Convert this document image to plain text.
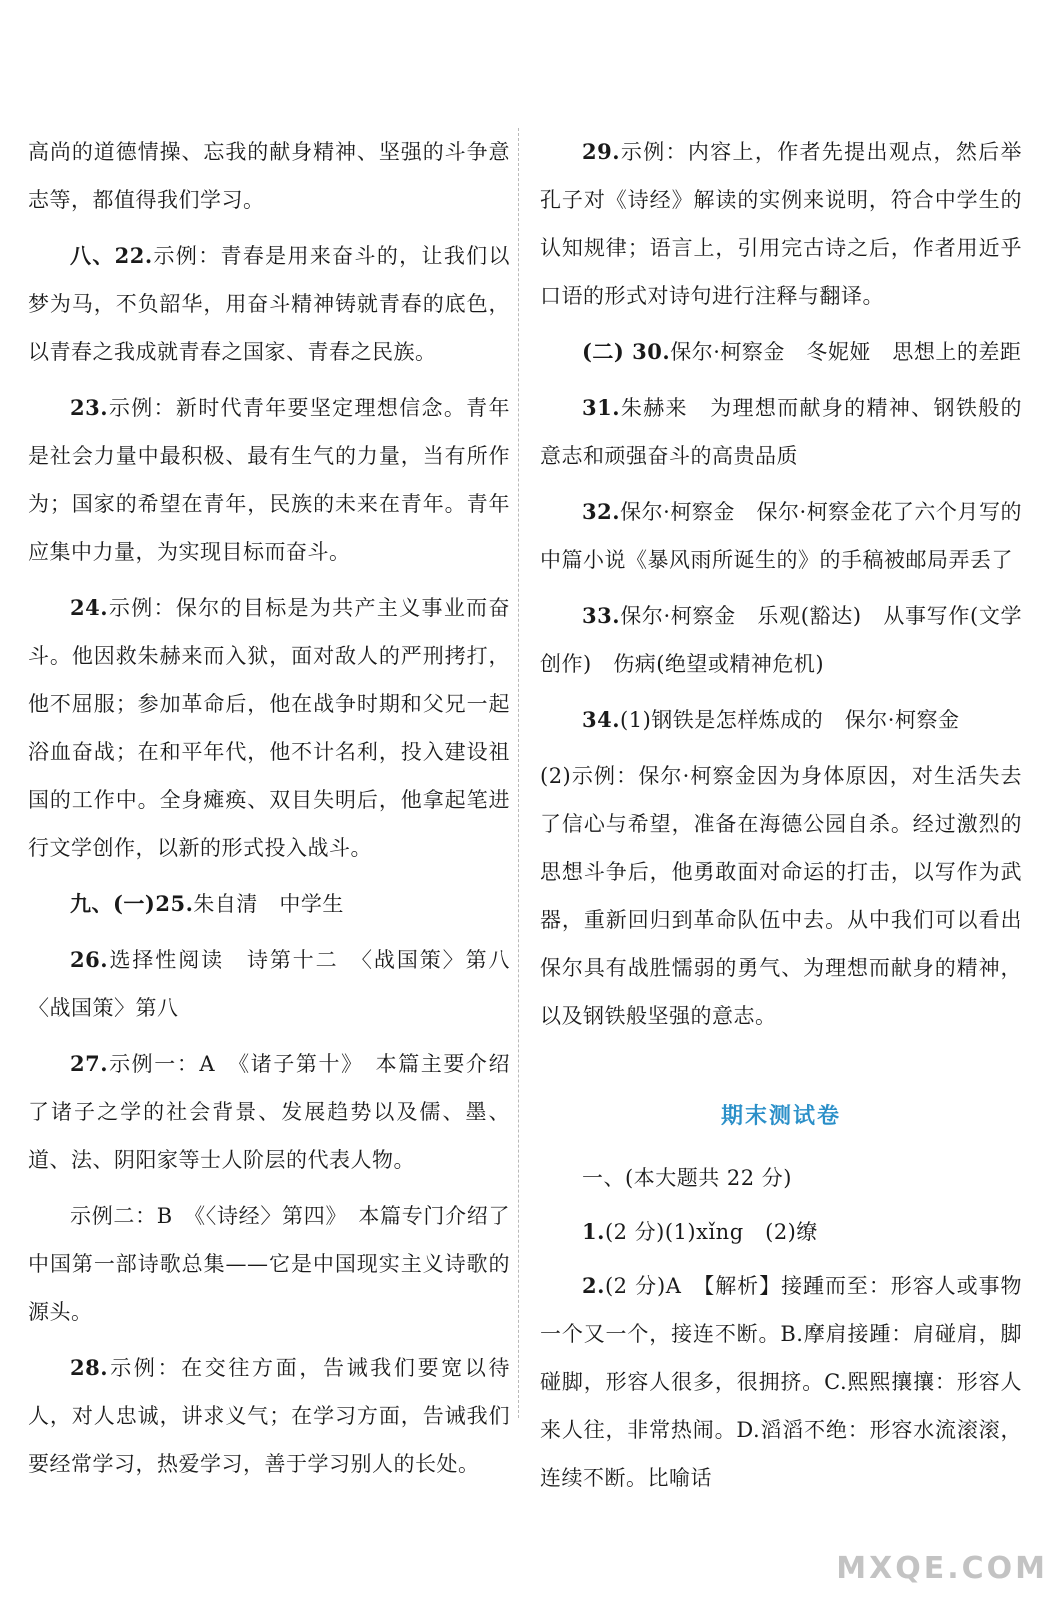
高尚的道德情操、忘我的献身精神、坚强的斗争意志等，都值得我们学习。

八、22.示例：青春是用来奋斗的，让我们以梦为马，不负韶华，用奋斗精神铸就青春的底色，以青春之我成就青春之国家、青春之民族。

23.示例：新时代青年要坚定理想信念。青年是社会力量中最积极、最有生气的力量，当有所作为；国家的希望在青年，民族的未来在青年。青年应集中力量，为实现目标而奋斗。

24.示例：保尔的目标是为共产主义事业而奋斗。他因救朱赫来而入狱，面对敌人的严刑拷打，他不屈服；参加革命后，他在战争时期和父兄一起浴血奋战；在和平年代，他不计名利，投入建设祖国的工作中。全身瘫痪、双目失明后，他拿起笔进行文学创作，以新的形式投入战斗。

九、(一)25.朱自清　中学生

26.选择性阅读　诗第十二　〈战国策〉第八　〈战国策〉第八

27.示例一：A　《诸子第十》　本篇主要介绍了诸子之学的社会背景、发展趋势以及儒、墨、道、法、阴阳家等士人阶层的代表人物。

示例二：B　《〈诗经〉第四》　本篇专门介绍了中国第一部诗歌总集——它是中国现实主义诗歌的源头。

28.示例：在交往方面，告诫我们要宽以待人，对人忠诚，讲求义气；在学习方面，告诫我们要经常学习，热爱学习，善于学习别人的长处。

29.示例：内容上，作者先提出观点，然后举孔子对《诗经》解读的实例来说明，符合中学生的认知规律；语言上，引用完古诗之后，作者用近乎口语的形式对诗句进行注释与翻译。

(二) 30.保尔·柯察金　冬妮娅　思想上的差距

31.朱赫来　为理想而献身的精神、钢铁般的意志和顽强奋斗的高贵品质

32.保尔·柯察金　保尔·柯察金花了六个月写的中篇小说《暴风雨所诞生的》的手稿被邮局弄丢了

33.保尔·柯察金　乐观(豁达)　从事写作(文学创作)　伤病(绝望或精神危机)

34.(1)钢铁是怎样炼成的　保尔·柯察金

(2)示例：保尔·柯察金因为身体原因，对生活失去了信心与希望，准备在海德公园自杀。经过激烈的思想斗争后，他勇敢面对命运的打击，以写作为武器，重新回归到革命队伍中去。从中我们可以看出保尔具有战胜懦弱的勇气、为理想而献身的精神，以及钢铁般坚强的意志。

期末测试卷

一、(本大题共 22 分)

1.(2 分)(1)xǐng　(2)缭

2.(2 分)A　【解析】接踵而至：形容人或事物一个又一个，接连不断。B.摩肩接踵：肩碰肩，脚碰脚，形容人很多，很拥挤。C.熙熙攘攘：形容人来人往，非常热闹。D.滔滔不绝：形容水流滚滚，连续不断。比喻话

MXQE.COM
